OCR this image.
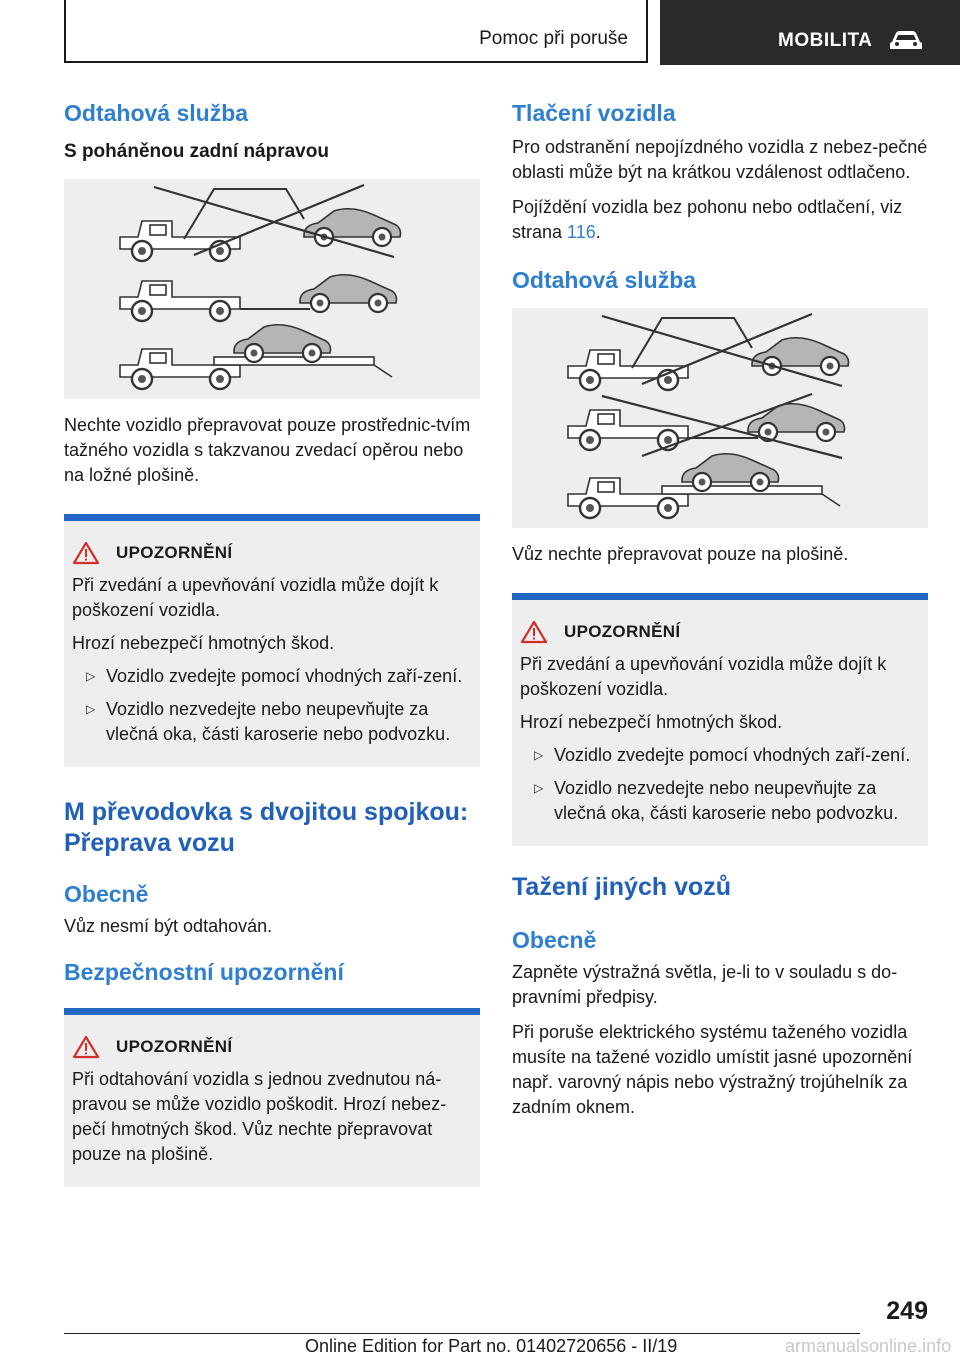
Pomoc při poruše	MOBILITA
Odtahová služba
S poháněnou zadní nápravou

Nechte vozidlo přepravovat pouze prostřednic-tvím tažného vozidla s takzvanou zvedací opěrou nebo na ložné plošině.

UPOZORNĚNÍ

Při zvedání a upevňování vozidla může dojít k poškození vozidla.

Hrozí nebezpečí hmotných škod.

▷ Vozidlo zvedejte pomocí vhodných zaří-zení.
▷ Vozidlo nezvedejte nebo neupevňujte za vlečná oka, části karoserie nebo podvozku.
M převodovka s dvojitou spojkou: Přeprava vozu
Obecně

Vůz nesmí být odtahován.

Bezpečnostní upozornění
UPOZORNĚNÍ

Při odtahování vozidla s jednou zvednutou ná-pravou se může vozidlo poškodit. Hrozí nebez-pečí hmotných škod. Vůz nechte přepravovat pouze na plošině.

Tlačení vozidla

Pro odstranění nepojízdného vozidla z nebez-pečné oblasti může být na krátkou vzdálenost odtlačeno.

Pojíždění vozidla bez pohonu nebo odtlačení, viz strana 116.

Odtahová služba

Vůz nechte přepravovat pouze na plošině.

UPOZORNĚNÍ

Při zvedání a upevňování vozidla může dojít k poškození vozidla.

Hrozí nebezpečí hmotných škod.

▷ Vozidlo zvedejte pomocí vhodných zaří-zení.
▷ Vozidlo nezvedejte nebo neupevňujte za vlečná oka, části karoserie nebo podvozku.
Tažení jiných vozů
Obecně

Zapněte výstražná světla, je-li to v souladu s do-pravními předpisy.

Při poruše elektrického systému taženého vozidla musíte na tažené vozidlo umístit jasné upozornění např. varovný nápis nebo výstražný trojúhelník za zadním oknem.

249
Online Edition for Part no. 01402720656 - II/19	armanualsonline.info
